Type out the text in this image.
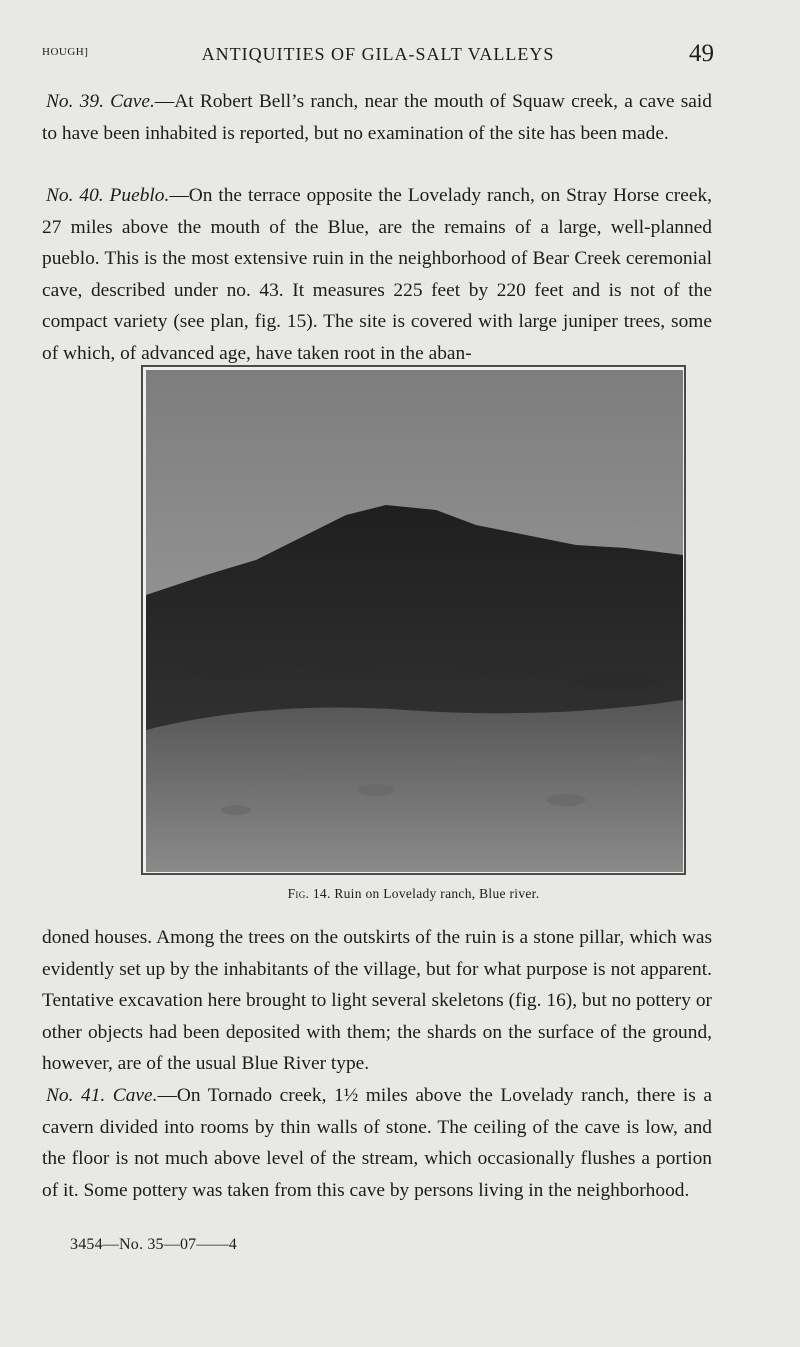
HOUGH]	ANTIQUITIES OF GILA-SALT VALLEYS	49

No. 39. Cave.—At Robert Bell’s ranch, near the mouth of Squaw creek, a cave said to have been inhabited is reported, but no examination of the site has been made.

No. 40. Pueblo.—On the terrace opposite the Lovelady ranch, on Stray Horse creek, 27 miles above the mouth of the Blue, are the remains of a large, well-planned pueblo. This is the most extensive ruin in the neighborhood of Bear Creek ceremonial cave, described under no. 43. It measures 225 feet by 220 feet and is not of the compact variety (see plan, fig. 15). The site is covered with large juniper trees, some of which, of advanced age, have taken root in the aban-

Fig. 14. Ruin on Lovelady ranch, Blue river.

doned houses. Among the trees on the outskirts of the ruin is a stone pillar, which was evidently set up by the inhabitants of the village, but for what purpose is not apparent. Tentative excavation here brought to light several skeletons (fig. 16), but no pottery or other objects had been deposited with them; the shards on the surface of the ground, however, are of the usual Blue River type.

No. 41. Cave.—On Tornado creek, 1½ miles above the Lovelady ranch, there is a cavern divided into rooms by thin walls of stone. The ceiling of the cave is low, and the floor is not much above level of the stream, which occasionally flushes a portion of it. Some pottery was taken from this cave by persons living in the neighborhood.

3454—No. 35—07——4
